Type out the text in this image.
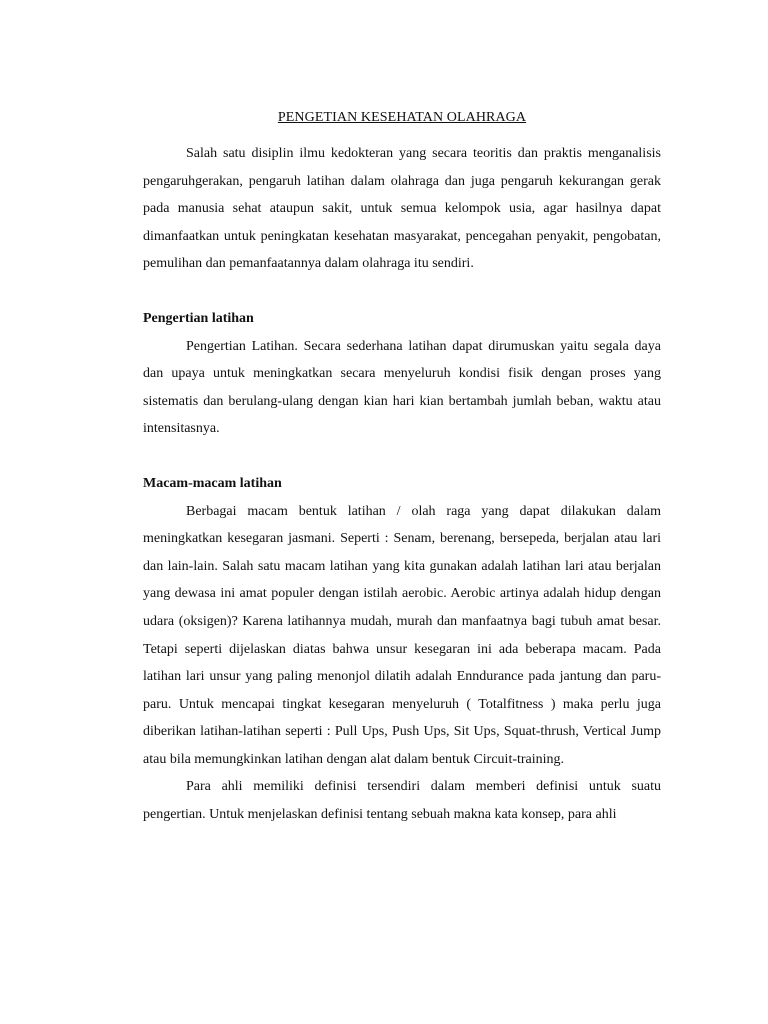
PENGETIAN KESEHATAN OLAHRAGA

Salah satu disiplin ilmu kedokteran yang secara teoritis dan praktis menganalisis pengaruhgerakan, pengaruh latihan dalam olahraga dan juga pengaruh kekurangan gerak pada manusia sehat ataupun sakit, untuk semua kelompok usia, agar hasilnya dapat dimanfaatkan untuk peningkatan kesehatan masyarakat, pencegahan penyakit, pengobatan, pemulihan dan pemanfaatannya dalam olahraga itu sendiri.

Pengertian latihan

Pengertian Latihan. Secara sederhana latihan dapat dirumuskan yaitu segala daya dan upaya untuk meningkatkan secara menyeluruh kondisi fisik dengan proses yang sistematis dan berulang-ulang dengan kian hari kian bertambah jumlah beban, waktu atau intensitasnya.

Macam-macam latihan

Berbagai macam bentuk latihan / olah raga yang dapat dilakukan dalam meningkatkan kesegaran jasmani. Seperti : Senam, berenang, bersepeda, berjalan atau lari dan lain-lain. Salah satu macam latihan yang kita gunakan adalah latihan lari atau berjalan yang dewasa ini amat populer dengan istilah aerobic. Aerobic artinya adalah hidup dengan udara (oksigen)? Karena latihannya mudah, murah dan manfaatnya bagi tubuh amat besar. Tetapi seperti dijelaskan diatas bahwa unsur kesegaran ini ada beberapa macam. Pada latihan lari unsur yang paling menonjol dilatih adalah Enndurance pada jantung dan paru-paru. Untuk mencapai tingkat kesegaran menyeluruh ( Totalfitness ) maka perlu juga diberikan latihan-latihan seperti : Pull Ups, Push Ups, Sit Ups, Squat-thrush, Vertical Jump atau bila memungkinkan latihan dengan alat dalam bentuk Circuit-training.

Para ahli memiliki definisi tersendiri dalam memberi definisi untuk suatu pengertian. Untuk menjelaskan definisi tentang sebuah makna kata konsep, para ahli
